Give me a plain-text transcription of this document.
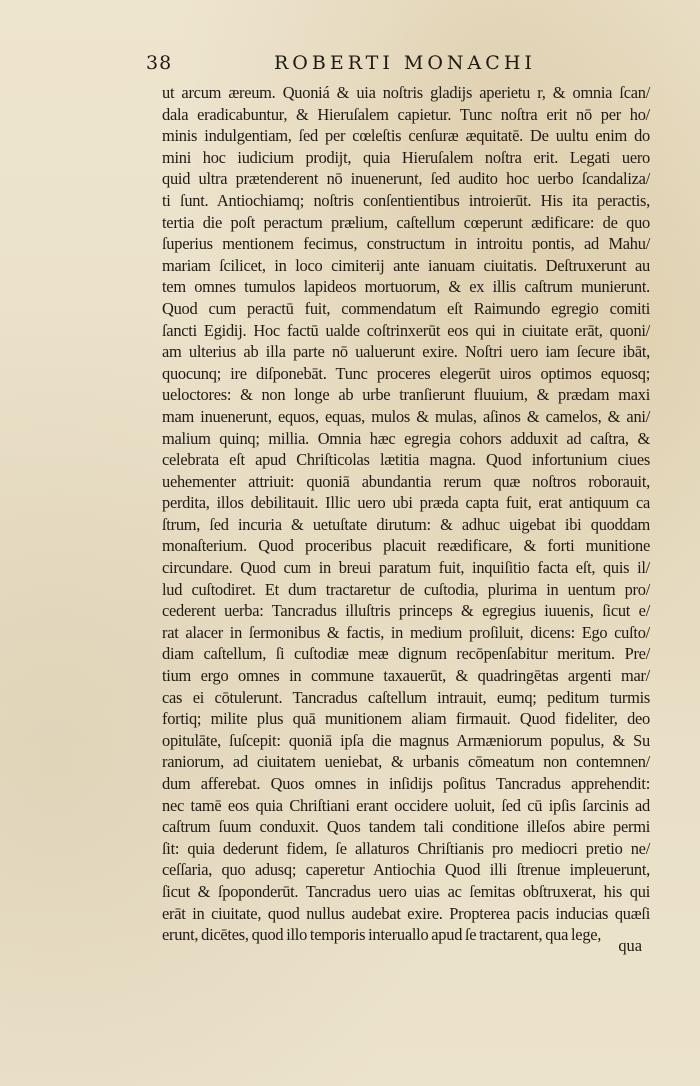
38	ROBERTI MONACHI
ut arcum æreum. Quoniá & uia noſtris gladijs aperietu r, & omnia ſcan/
dala eradicabuntur, & Hieruſalem capietur. Tunc noſtra erit nō per ho/
minis indulgentiam, ſed per cœleſtis cenſuræ æquitatē. De uultu enim do
mini hoc iudicium prodijt, quia Hieruſalem noſtra erit. Legati uero
quid ultra prætenderent nō inuenerunt, ſed audito hoc uerbo ſcandaliza/
ti ſunt. Antiochiamq; noſtris conſentientibus introierūt. His ita peractis,
tertia die poſt peractum prælium, caſtellum cœperunt ædificare: de quo
ſuperius mentionem fecimus, constructum in introitu pontis, ad Mahu/
mariam ſcilicet, in loco cimiterij ante ianuam ciuitatis. Deſtruxerunt au
tem omnes tumulos lapideos mortuorum, & ex illis caſtrum munierunt.
Quod cum peractū fuit, commendatum eſt Raimundo egregio comiti
ſancti Egidij. Hoc factū ualde coſtrinxerūt eos qui in ciuitate erāt, quoni/
am ulterius ab illa parte nō ualuerunt exire. Noſtri uero iam ſecure ibāt,
quocunq; ire diſponebāt. Tunc proceres elegerūt uiros optimos equosq;
ueloctores: & non longe ab urbe tranſierunt fluuium, & prædam maxi
mam inuenerunt, equos, equas, mulos & mulas, aſinos & camelos, & ani/
malium quinq; millia. Omnia hæc egregia cohors adduxit ad caſtra, &
celebrata eſt apud Chriſticolas lætitia magna. Quod infortunium ciues
uehementer attriuit: quoniā abundantia rerum quæ noſtros roborauit,
perdita, illos debilitauit. Illic uero ubi præda capta fuit, erat antiquum ca
ſtrum, ſed incuria & uetuſtate dirutum: & adhuc uigebat ibi quoddam
monaſterium. Quod proceribus placuit reædificare, & forti munitione
circundare. Quod cum in breui paratum fuit, inquiſitio facta eſt, quis il/
lud cuſtodiret. Et dum tractaretur de cuſtodia, plurima in uentum pro/
cederent uerba: Tancradus illuſtris princeps & egregius iuuenis, ſicut e/
rat alacer in ſermonibus & factis, in medium proſiluit, dicens: Ego cuſto/
diam caſtellum, ſi cuſtodiæ meæ dignum recōpenſabitur meritum. Pre/
tium ergo omnes in commune taxauerūt, & quadringētas argenti mar/
cas ei cōtulerunt. Tancradus caſtellum intrauit, eumq; peditum turmis
fortiq; milite plus quā munitionem aliam firmauit. Quod fideliter, deo
opitulāte, ſuſcepit: quoniā ipſa die magnus Armæniorum populus, & Su
raniorum, ad ciuitatem ueniebat, & urbanis cōmeatum non contemnen/
dum afferebat. Quos omnes in inſidijs poſitus Tancradus apprehendit:
nec tamē eos quia Chriſtiani erant occidere uoluit, ſed cū ipſis ſarcinis ad
caſtrum ſuum conduxit. Quos tandem tali conditione illeſos abire permi
ſit: quia dederunt fidem, ſe allaturos Chriſtianis pro mediocri pretio ne/
ceſſaria, quo adusq; caperetur Antiochia Quod illi ſtrenue impleuerunt,
ſicut & ſpoponderūt. Tancradus uero uias ac ſemitas obſtruxerat, his qui
erāt in ciuitate, quod nullus audebat exire. Propterea pacis inducias quæſi
erunt, dicētes, quod illo temporis interuallo apud ſe tractarent, qua lege,
qua
